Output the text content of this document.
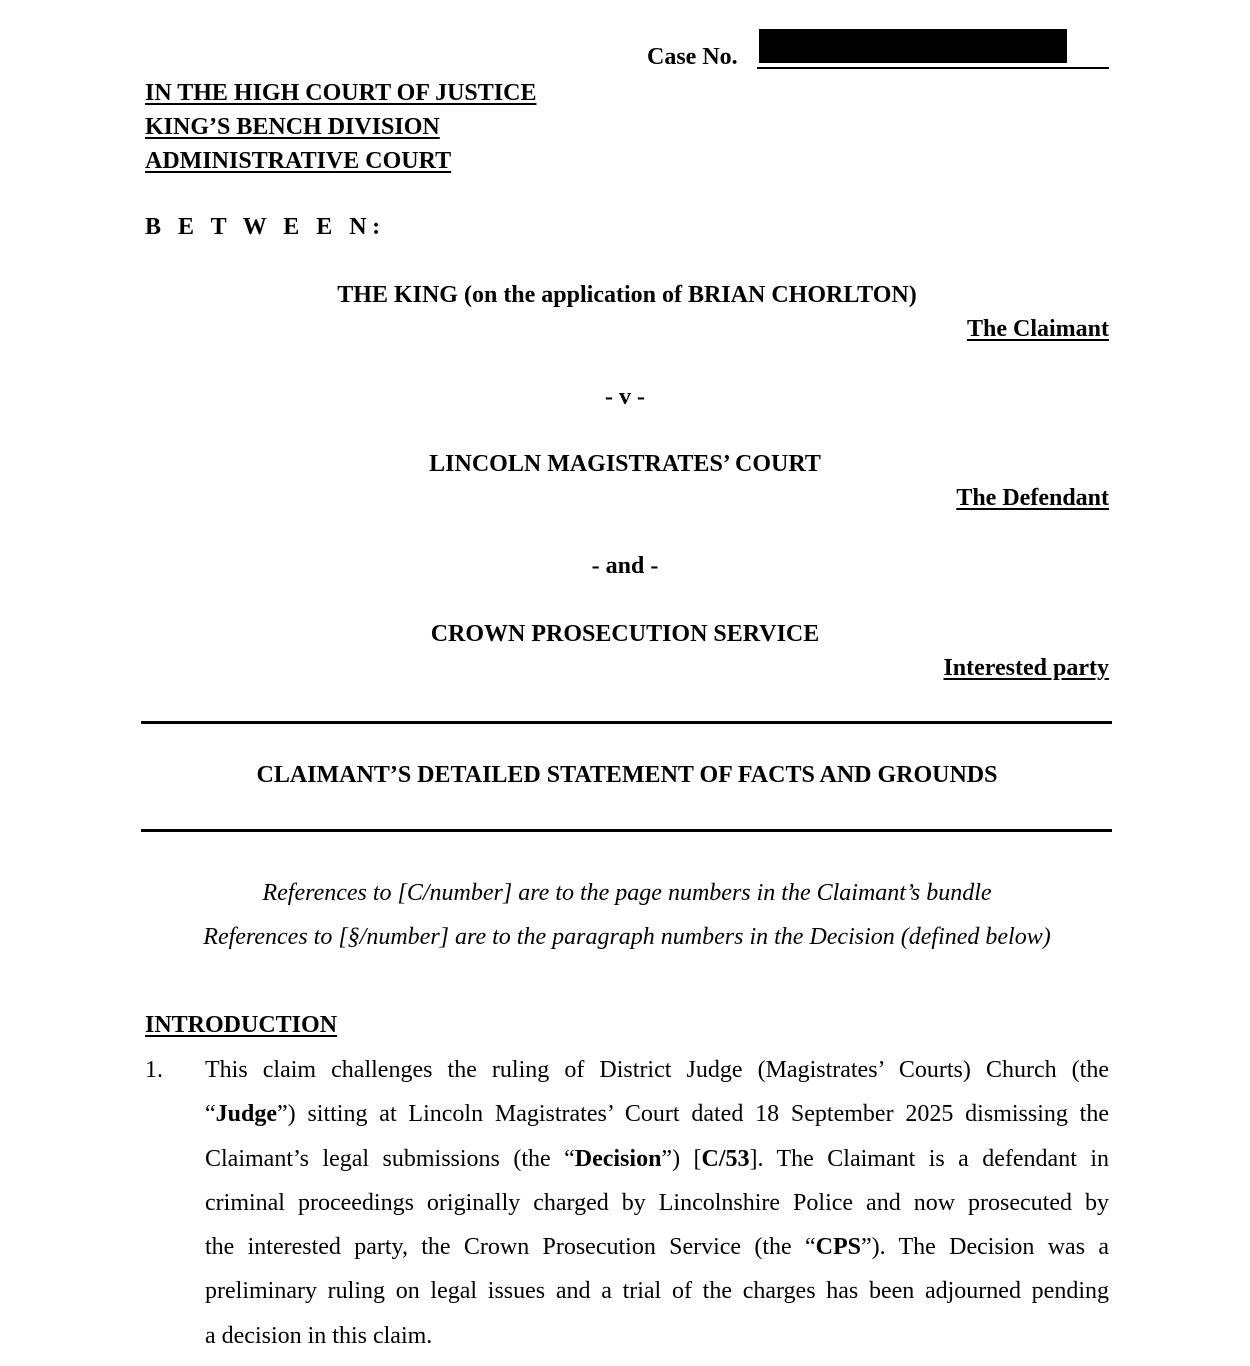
Case No.
IN THE HIGH COURT OF JUSTICE
KING’S BENCH DIVISION
ADMINISTRATIVE COURT
B E T W E E N:
THE KING (on the application of BRIAN CHORLTON)
The Claimant
- v -
LINCOLN MAGISTRATES’ COURT
The Defendant
- and -
CROWN PROSECUTION SERVICE
Interested party
CLAIMANT’S DETAILED STATEMENT OF FACTS AND GROUNDS
References to [C/number] are to the page numbers in the Claimant’s bundle
References to [§/number] are to the paragraph numbers in the Decision (defined below)
INTRODUCTION
1. This claim challenges the ruling of District Judge (Magistrates’ Courts) Church (the
“Judge”) sitting at Lincoln Magistrates’ Court dated 18 September 2025 dismissing the
Claimant’s legal submissions (the “Decision”) [C/53]. The Claimant is a defendant in
criminal proceedings originally charged by Lincolnshire Police and now prosecuted by
the interested party, the Crown Prosecution Service (the “CPS”). The Decision was a
preliminary ruling on legal issues and a trial of the charges has been adjourned pending
a decision in this claim.
